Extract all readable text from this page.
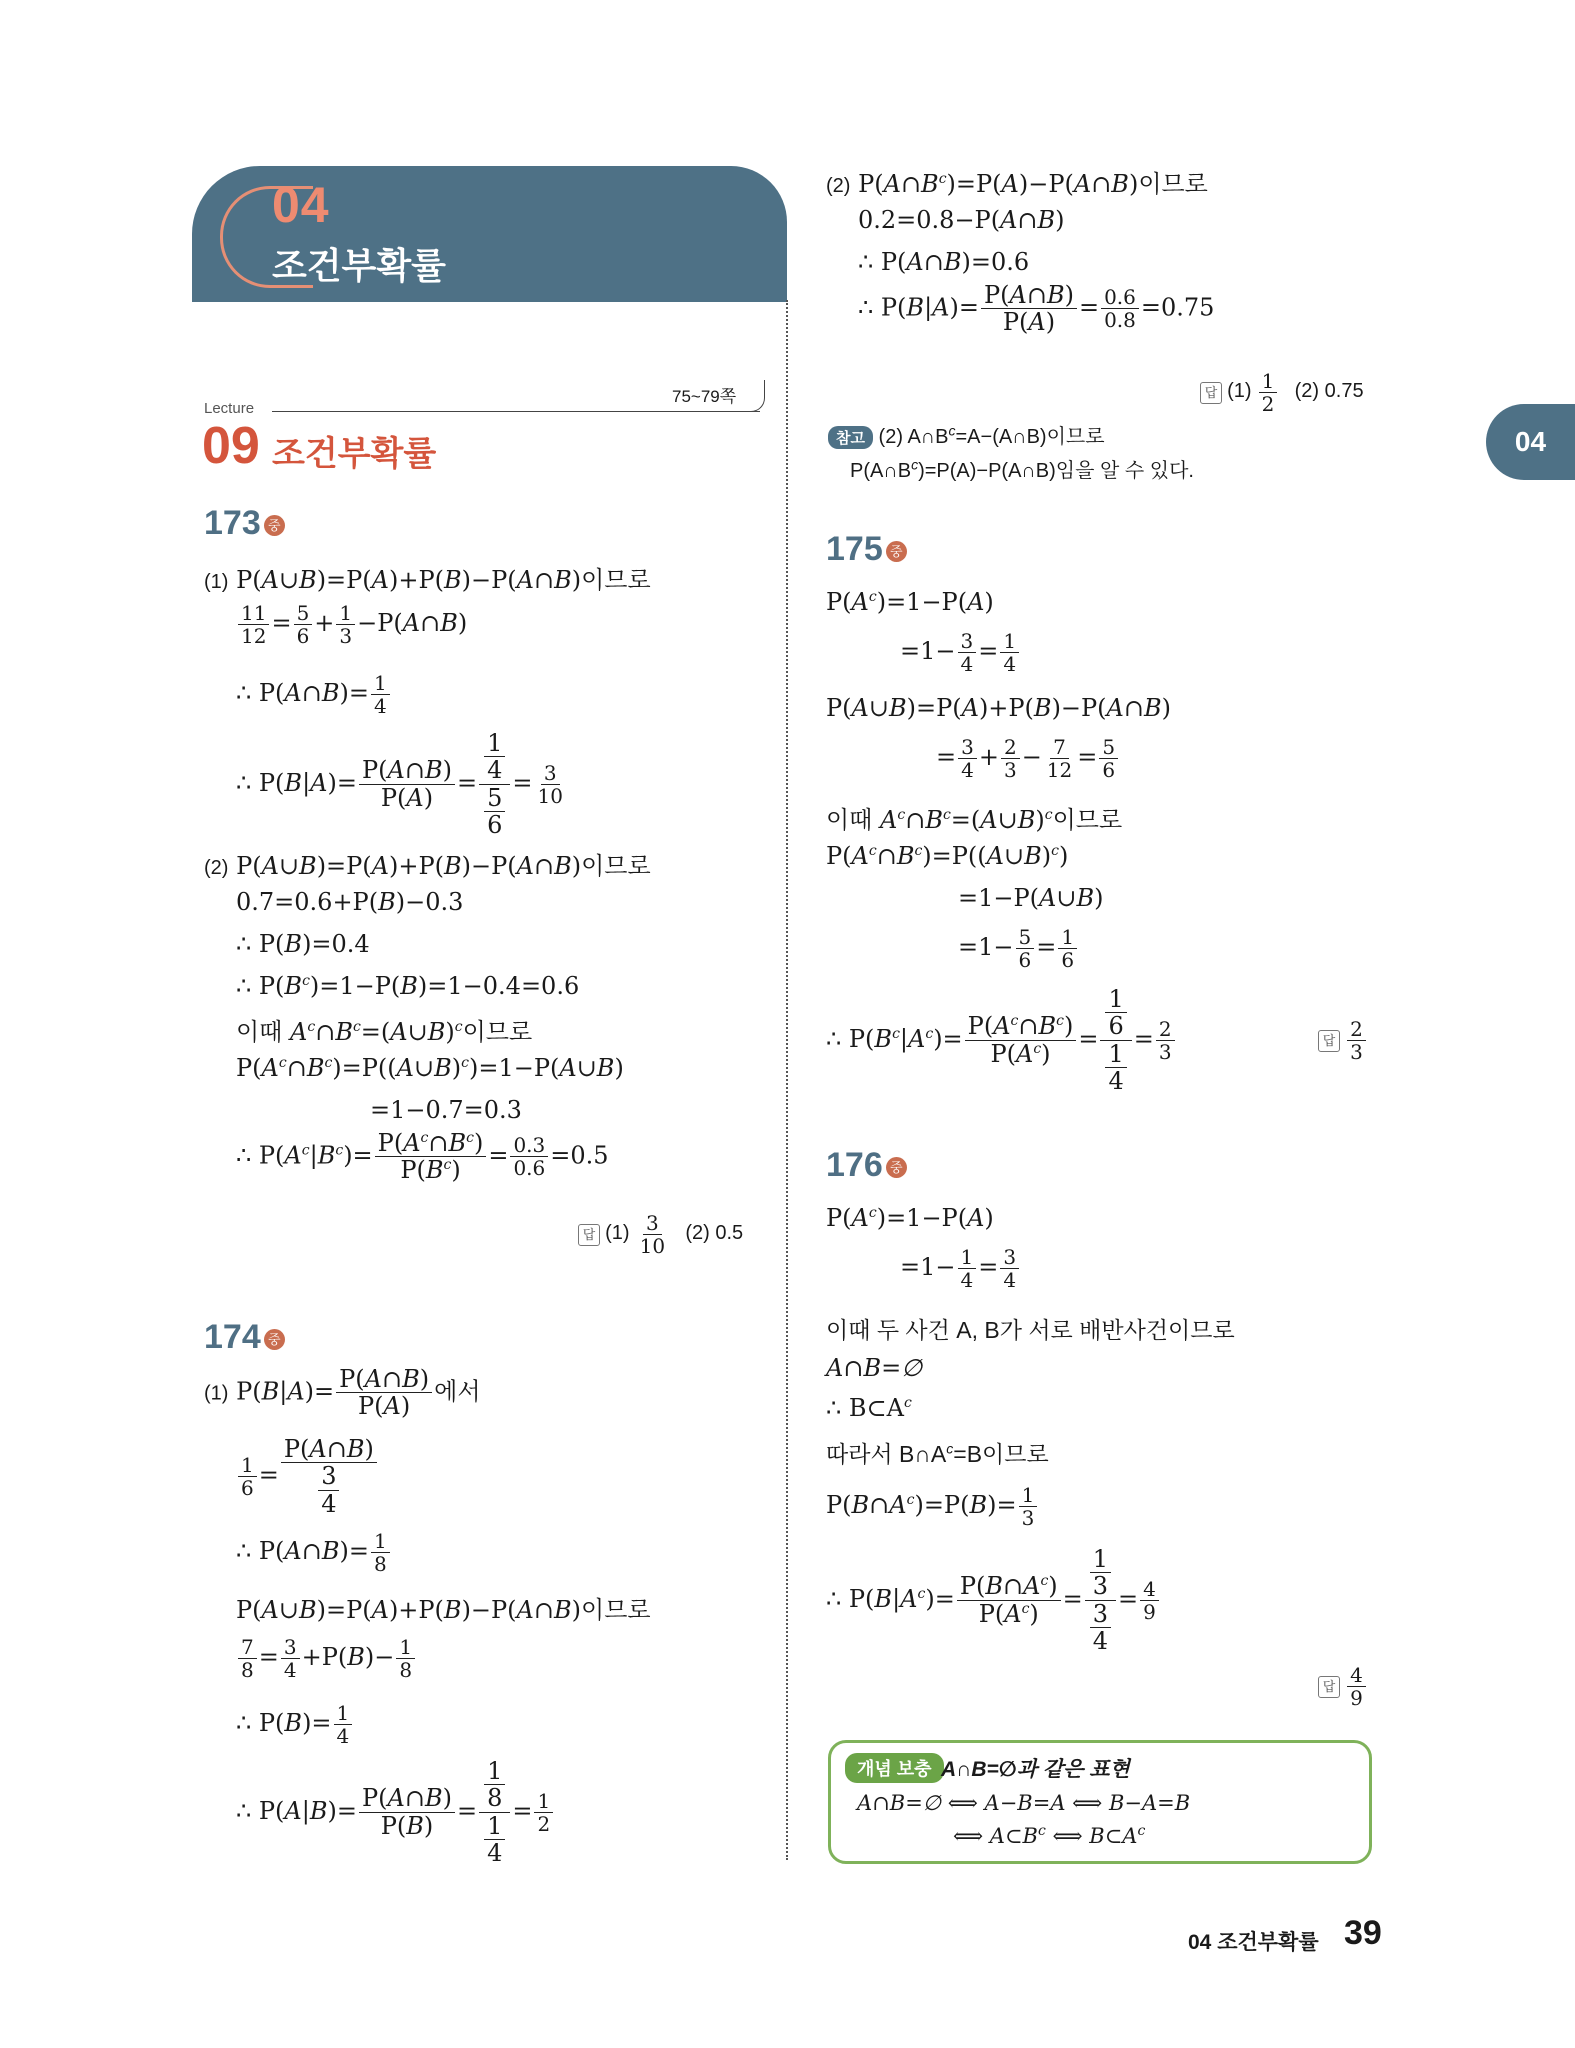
04
조건부확률
04
Lecture
75~79쪽
09 조건부확률
173 중
(1) P(A∪B)=P(A)+P(B)−P(A∩B)이므로
$\frac{11}{12} = \frac{5}{6} + \frac{1}{3}$ −P(A∩B)
∴ P(A∩B)= $\frac{1}{4}$
∴ $P(B|A)= \frac{P(A\cap B)}{P(A)} = \frac{\frac{1}{4}}{\frac{5}{6}} = \frac{3}{10}$
(2) P(A∪B)=P(A)+P(B)−P(A∩B)이므로
0.7=0.6+P(B)−0.3
∴ P(B)=0.4
∴ $P(B^c)=1-P(B)=1-0.4=0.6$
이때 $A^c\cap B^c=(A\cup B)^c$이므로
$P(A^c\cap B^c)=P((A\cup B)^c)=1-P(A\cup B)$
=1−0.7=0.3
∴ $P(A^c|B^c)= \frac{P(A^c\cap B^c)}{P(B^c)} = \frac{0.3}{0.6} =0.5$
답 $(1) \frac{3}{10} (2)$ 0.5
174 중
(1) $P(B|A)= \frac{P(A\cap B)}{P(A)}$ 에서
$\frac{1}{6} = \frac{P(A\cap B)}{\frac{3}{4}}$
∴ P(A∩B)= $\frac{1}{8}$
P(A∪B)=P(A)+P(B)−P(A∩B)이므로
$\frac{7}{8} = \frac{3}{4} +P(B)- \frac{1}{8}$
∴ $P(B)= \frac{1}{4}$
∴ $P(A|B)= \frac{P(A\cap B)}{P(B)} = \frac{\frac{1}{8}}{\frac{1}{4}} = \frac{1}{2}$
(2) $P(A\cap B^c)=P(A)-P(A\cap B)$이므로
0.2=0.8−P(A∩B)
∴ P(A∩B)=0.6
∴ $P(B|A)= \frac{P(A\cap B)}{P(A)} = \frac{0.6}{0.8} =0.75$
답 $(1) \frac{1}{2} (2)$ 0.75
참고 (2) $A\cap B^c=A-(A\cap B)$이므로
$P(A\cap B^c)=P(A)-P(A\cap B)$임을 알 수 있다.
175 중
$P(A^c)=1-P(A)$
$=1- \frac{3}{4} = \frac{1}{4}$
P(A∪B)=P(A)+P(B)−P(A∩B)
= $\frac{3}{4} + \frac{2}{3} - \frac{7}{12} = \frac{5}{6}$
이때 $A^c\cap B^c=(A\cup B)^c$이므로
$P(A^c\cap B^c)=P((A\cup B)^c)$
=1−P(A∪B)
$=1- \frac{5}{6} = \frac{1}{6}$
∴ $P(B^c|A^c)= \frac{P(A^c\cap B^c)}{P(A^c)} = \frac{\frac{1}{6}}{\frac{1}{4}} = \frac{2}{3}$	답 $\frac{2}{3}$
176 중
$P(A^c)=1-P(A)$
$=1- \frac{1}{4} = \frac{3}{4}$
이때 두 사건 A, B가 서로 배반사건이므로
A∩B=∅
∴ $B\subset A^c$
따라서 $B\cap A^c=B$이므로
$P(B\cap A^c)=P(B)= \frac{1}{3}$
∴ $P(B|A^c)= \frac{P(B\cap A^c)}{P(A^c)} = \frac{\frac{1}{3}}{\frac{3}{4}} = \frac{4}{9}$
답 $\frac{4}{9}$
개념 보충 A∩B=∅과 같은 표현
A∩B=∅ ⟺ A−B=A ⟺ B−A=B
⟺ $A\subset B^c$ ⟺ $B\subset A^c$
04 조건부확률 39
